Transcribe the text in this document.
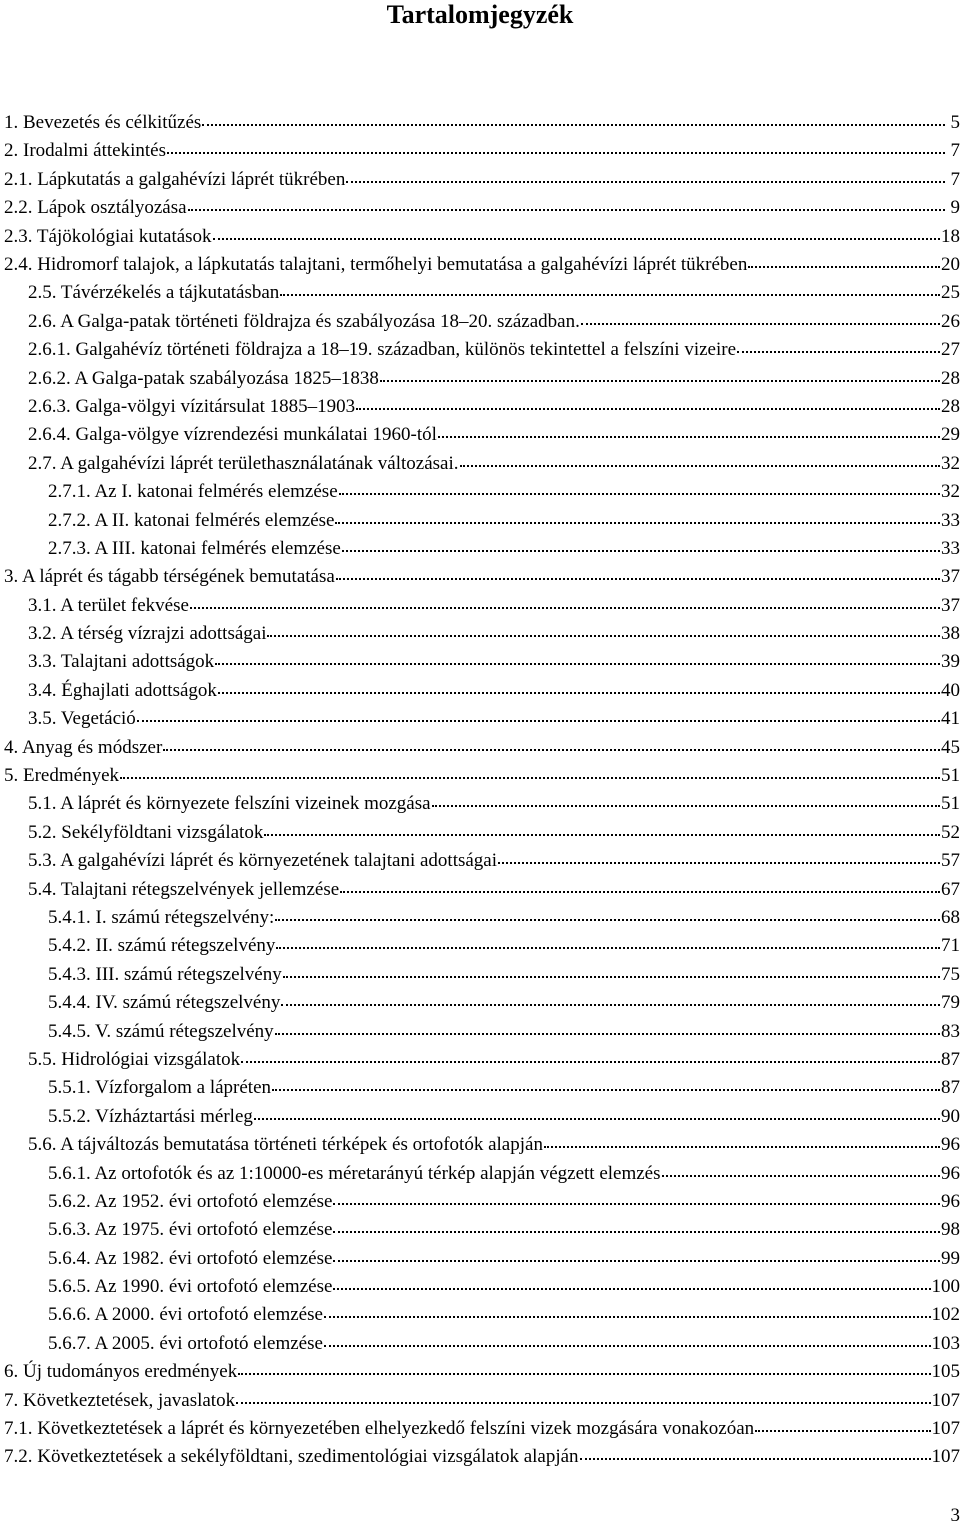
Tartalomjegyzék
1. Bevezetés és célkitűzés	5
2. Irodalmi áttekintés	7
2.1. Lápkutatás a galgahévízi láprét tükrében	7
2.2. Lápok osztályozása	9
2.3. Tájökológiai kutatások	18
2.4. Hidromorf talajok, a lápkutatás talajtani, termőhelyi bemutatása a galgahévízi láprét tükrében	20
2.5. Távérzékelés a tájkutatásban	25
2.6. A Galga-patak történeti földrajza és szabályozása 18–20. században.	26
2.6.1. Galgahévíz történeti földrajza a 18–19. században, különös tekintettel a felszíni vizeire	27
2.6.2. A Galga-patak szabályozása 1825–1838	28
2.6.3. Galga-völgyi vízitársulat 1885–1903	28
2.6.4. Galga-völgye vízrendezési munkálatai 1960-tól	29
2.7. A galgahévízi láprét területhasználatának változásai.	32
2.7.1. Az I. katonai felmérés elemzése	32
2.7.2. A II. katonai felmérés elemzése	33
2.7.3. A III. katonai felmérés elemzése	33
3. A láprét és tágabb térségének bemutatása	37
3.1. A terület fekvése	37
3.2. A térség vízrajzi adottságai	38
3.3. Talajtani adottságok	39
3.4. Éghajlati adottságok	40
3.5. Vegetáció	41
4. Anyag és módszer	45
5. Eredmények	51
5.1. A láprét és környezete felszíni vizeinek mozgása	51
5.2. Sekélyföldtani vizsgálatok	52
5.3. A galgahévízi láprét és környezetének talajtani adottságai	57
5.4. Talajtani rétegszelvények jellemzése	67
5.4.1. I. számú rétegszelvény:	68
5.4.2. II. számú rétegszelvény	71
5.4.3. III. számú rétegszelvény	75
5.4.4. IV. számú rétegszelvény	79
5.4.5. V. számú rétegszelvény	83
5.5. Hidrológiai vizsgálatok	87
5.5.1. Vízforgalom a lápréten	87
5.5.2. Vízháztartási mérleg	90
5.6. A tájváltozás bemutatása történeti térképek és ortofotók alapján	96
5.6.1. Az ortofotók és az 1:10000-es méretarányú térkép alapján végzett elemzés	96
5.6.2. Az 1952. évi ortofotó elemzése	96
5.6.3. Az 1975. évi ortofotó elemzése	98
5.6.4. Az 1982. évi ortofotó elemzése	99
5.6.5. Az 1990. évi ortofotó elemzése	100
5.6.6. A 2000. évi ortofotó elemzése	102
5.6.7. A 2005. évi ortofotó elemzése	103
6. Új tudományos eredmények	105
7. Következtetések, javaslatok	107
7.1. Következtetések a láprét és környezetében elhelyezkedő felszíni vizek mozgására vonakozóan	107
7.2. Következtetések a sekélyföldtani, szedimentológiai vizsgálatok alapján	107
3
